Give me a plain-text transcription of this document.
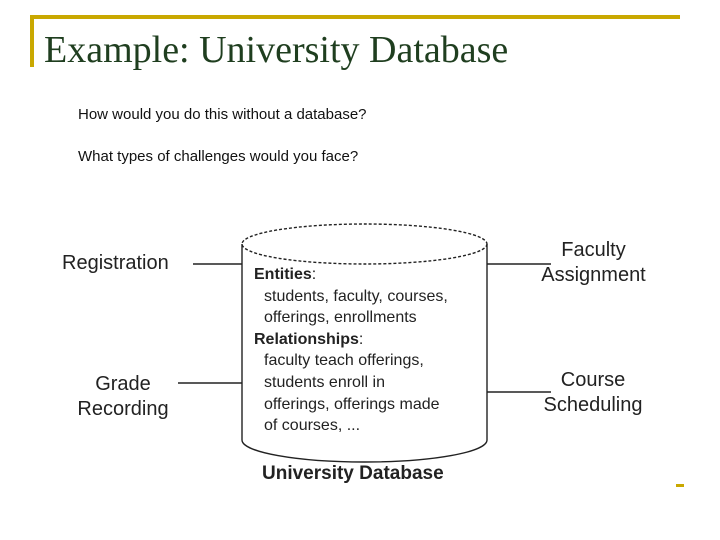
Example: University Database
How would you do this without a database?
What types of challenges would you face?
Registration
Grade
Recording
Faculty
Assignment
Course
Scheduling
Entities:
students, faculty, courses,
offerings, enrollments
Relationships:
faculty teach offerings,
students enroll in
offerings, offerings made
of courses, ...
University Database
